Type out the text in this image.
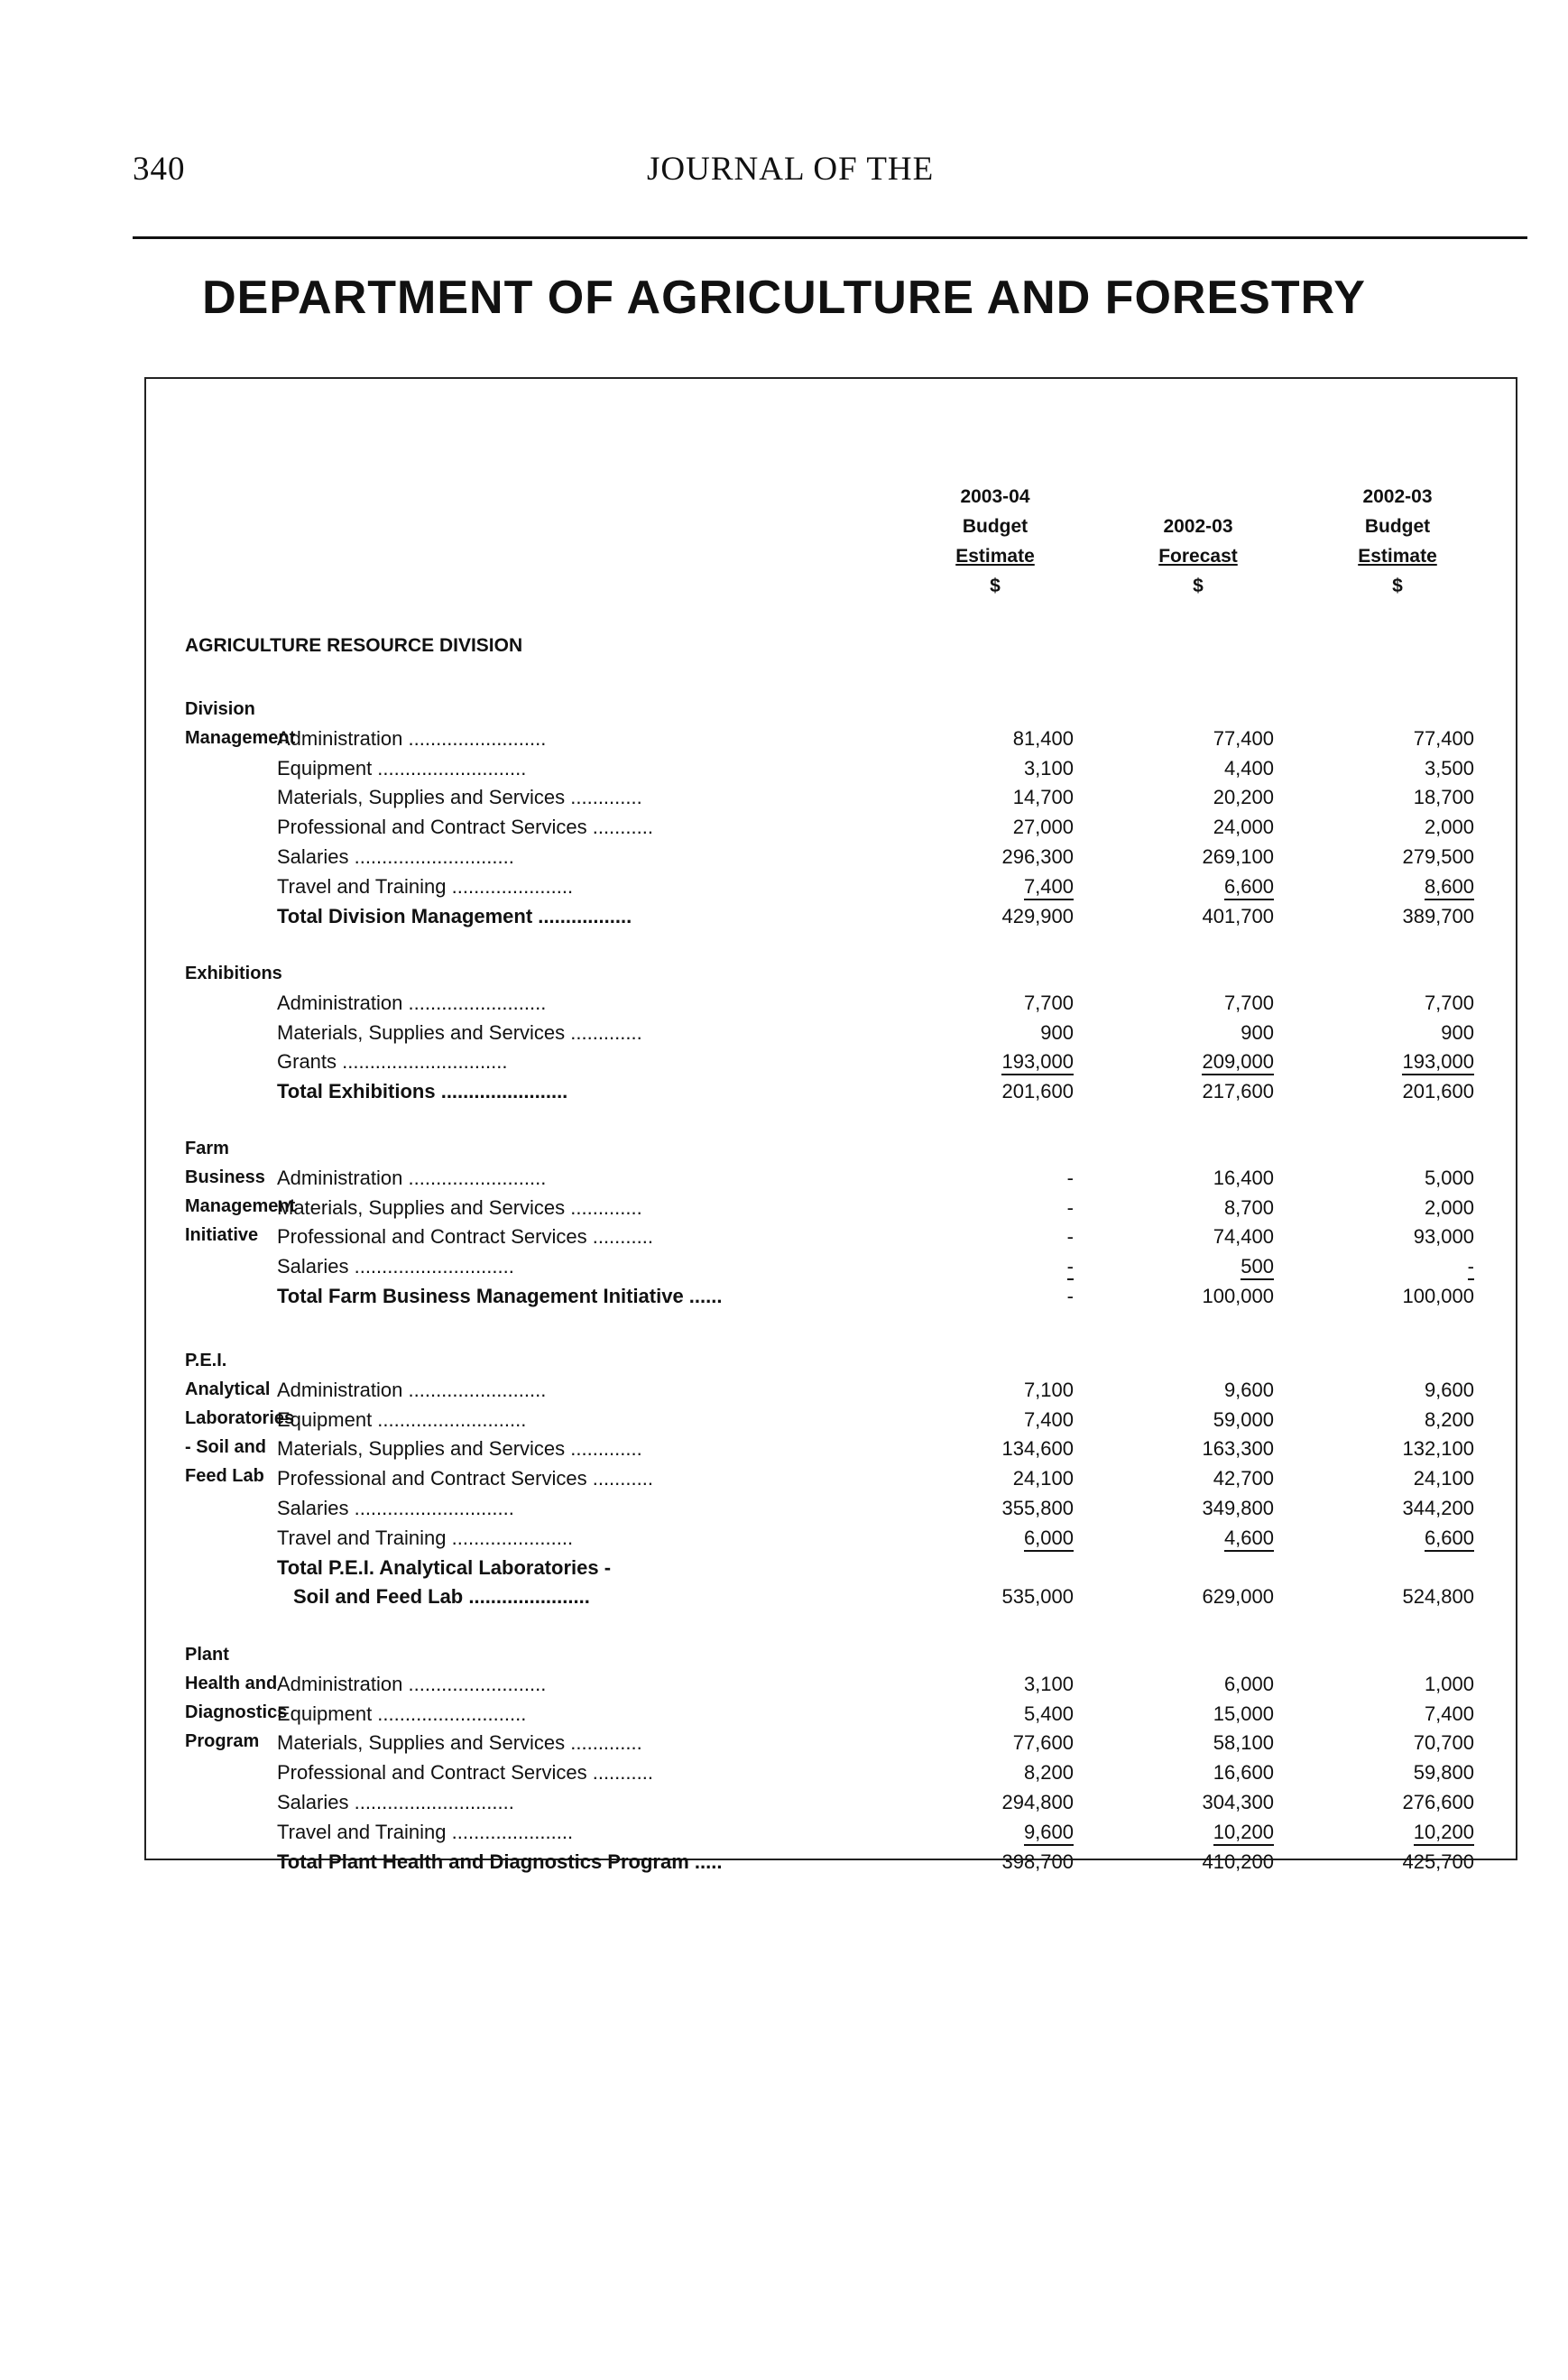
340	JOURNAL OF THE
DEPARTMENT OF AGRICULTURE AND FORESTRY
2003-04
Budget
Estimate
$
2002-03
Forecast
$
2002-03
Budget
Estimate
$
AGRICULTURE RESOURCE DIVISION
Division Management
Administration .........................	81,400	77,400	77,400
Equipment ...........................	3,100	4,400	3,500
Materials, Supplies and Services .............	14,700	20,200	18,700
Professional and Contract Services ...........	27,000	24,000	2,000
Salaries .............................	296,300	269,100	279,500
Travel and Training ......................	7,400	6,600	8,600
Total Division Management .................	429,900	401,700	389,700
Exhibitions
Administration .........................	7,700	7,700	7,700
Materials, Supplies and Services .............	900	900	900
Grants ..............................	193,000	209,000	193,000
Total Exhibitions .......................	201,600	217,600	201,600
Farm Business Management Initiative
Administration .........................	-	16,400	5,000
Materials, Supplies and Services .............	-	8,700	2,000
Professional and Contract Services ...........	-	74,400	93,000
Salaries .............................	-	500	-
Total Farm Business Management Initiative ......	-	100,000	100,000
P.E.I. Analytical Laboratories - Soil and Feed Lab
Administration .........................	7,100	9,600	9,600
Equipment ...........................	7,400	59,000	8,200
Materials, Supplies and Services .............	134,600	163,300	132,100
Professional and Contract Services ...........	24,100	42,700	24,100
Salaries .............................	355,800	349,800	344,200
Travel and Training ......................	6,000	4,600	6,600
Total P.E.I. Analytical Laboratories -
Soil and Feed Lab ......................	535,000	629,000	524,800
Plant Health and Diagnostics Program
Administration .........................	3,100	6,000	1,000
Equipment ...........................	5,400	15,000	7,400
Materials, Supplies and Services .............	77,600	58,100	70,700
Professional and Contract Services ...........	8,200	16,600	59,800
Salaries .............................	294,800	304,300	276,600
Travel and Training ......................	9,600	10,200	10,200
Total Plant Health and Diagnostics Program .....	398,700	410,200	425,700
